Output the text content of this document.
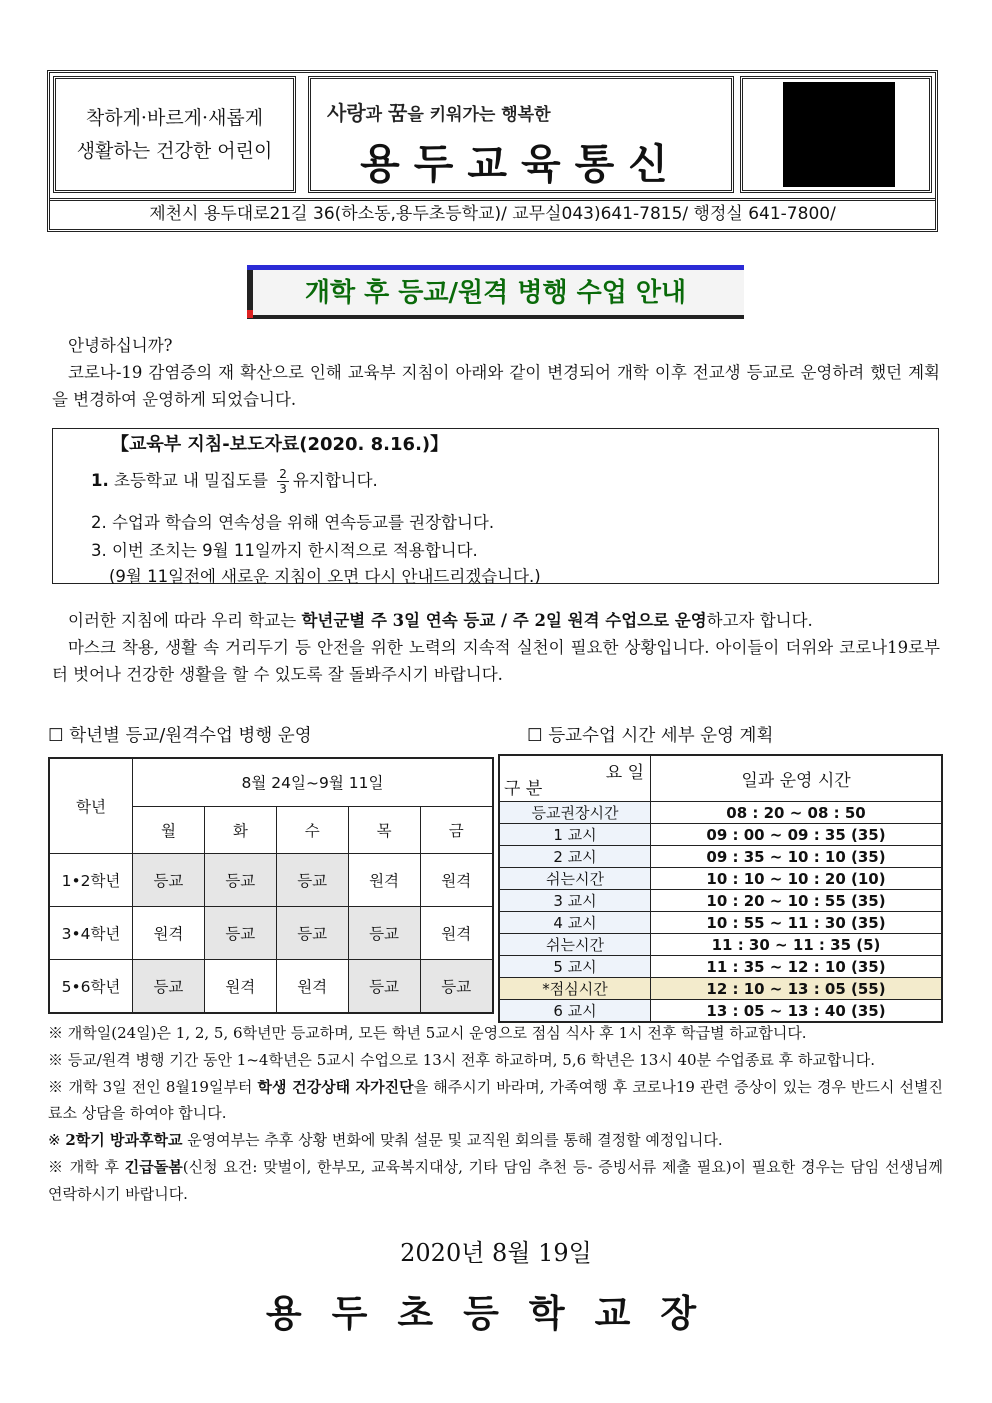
착하게·바르게·새롭게
생활하는 건강한 어린이
사랑과 꿈을 키워가는 행복한
용두교육통신
제천시 용두대로21길 36(하소동,용두초등학교)/ 교무실043)641-7815/ 행정실 641-7800/
개학 후 등교/원격 병행 수업 안내
안녕하십니까?
코로나-19 감염증의 재 확산으로 인해 교육부 지침이 아래와 같이 변경되어 개학 이후 전교생 등교로 운영하려 했던 계획을 변경하여 운영하게 되었습니다.
【교육부 지침-보도자료(2020. 8.16.)】
1. 초등학교 내 밀집도를 $\frac{2}{3}$ 유지합니다.
2. 수업과 학습의 연속성을 위해 연속등교를 권장합니다.
3. 이번 조치는 9월 11일까지 한시적으로 적용합니다.
(9월 11일전에 새로운 지침이 오면 다시 안내드리겠습니다.)
이러한 지침에 따라 우리 학교는 학년군별 주 3일 연속 등교 / 주 2일 원격 수업으로 운영하고자 합니다.
마스크 착용, 생활 속 거리두기 등 안전을 위한 노력의 지속적 실천이 필요한 상황입니다. 아이들이 더위와 코로나19로부터 벗어나 건강한 생활을 할 수 있도록 잘 돌봐주시기 바랍니다.
☐ 학년별 등교/원격수업 병행 운영	☐ 등교수업 시간 세부 운영 계획
학년	8월 24일~9월 11일				
	월	화	수	목	금
1•2학년	등교	등교	등교	원격	원격
3•4학년	원격	등교	등교	등교	원격
5•6학년	등교	원격	원격	등교	등교
요 일
구 분	일과 운영 시간
등교권장시간	08 : 20 ~ 08 : 50
1 교시	09 : 00 ~ 09 : 35 (35)
2 교시	09 : 35 ~ 10 : 10 (35)
쉬는시간	10 : 10 ~ 10 : 20 (10)
3 교시	10 : 20 ~ 10 : 55 (35)
4 교시	10 : 55 ~ 11 : 30 (35)
쉬는시간	11 : 30 ~ 11 : 35 (5)
5 교시	11 : 35 ~ 12 : 10 (35)
*점심시간	12 : 10 ~ 13 : 05 (55)
6 교시	13 : 05 ~ 13 : 40 (35)
※ 개학일(24일)은 1, 2, 5, 6학년만 등교하며, 모든 학년 5교시 운영으로 점심 식사 후 1시 전후 학급별 하교합니다.
※ 등교/원격 병행 기간 동안 1~4학년은 5교시 수업으로 13시 전후 하교하며, 5,6 학년은 13시 40분 수업종료 후 하교합니다.
※ 개학 3일 전인 8월19일부터 학생 건강상태 자가진단을 해주시기 바라며, 가족여행 후 코로나19 관련 증상이 있는 경우 반드시 선별진료소 상담을 하여야 합니다.
※ 2학기 방과후학교 운영여부는 추후 상황 변화에 맞춰 설문 및 교직원 회의를 통해 결정할 예정입니다.
※ 개학 후 긴급돌봄(신청 요건: 맞벌이, 한부모, 교육복지대상, 기타 담임 추천 등- 증빙서류 제출 필요)이 필요한 경우는 담임 선생님께 연락하시기 바랍니다.
2020년 8월 19일
용두초등학교장
